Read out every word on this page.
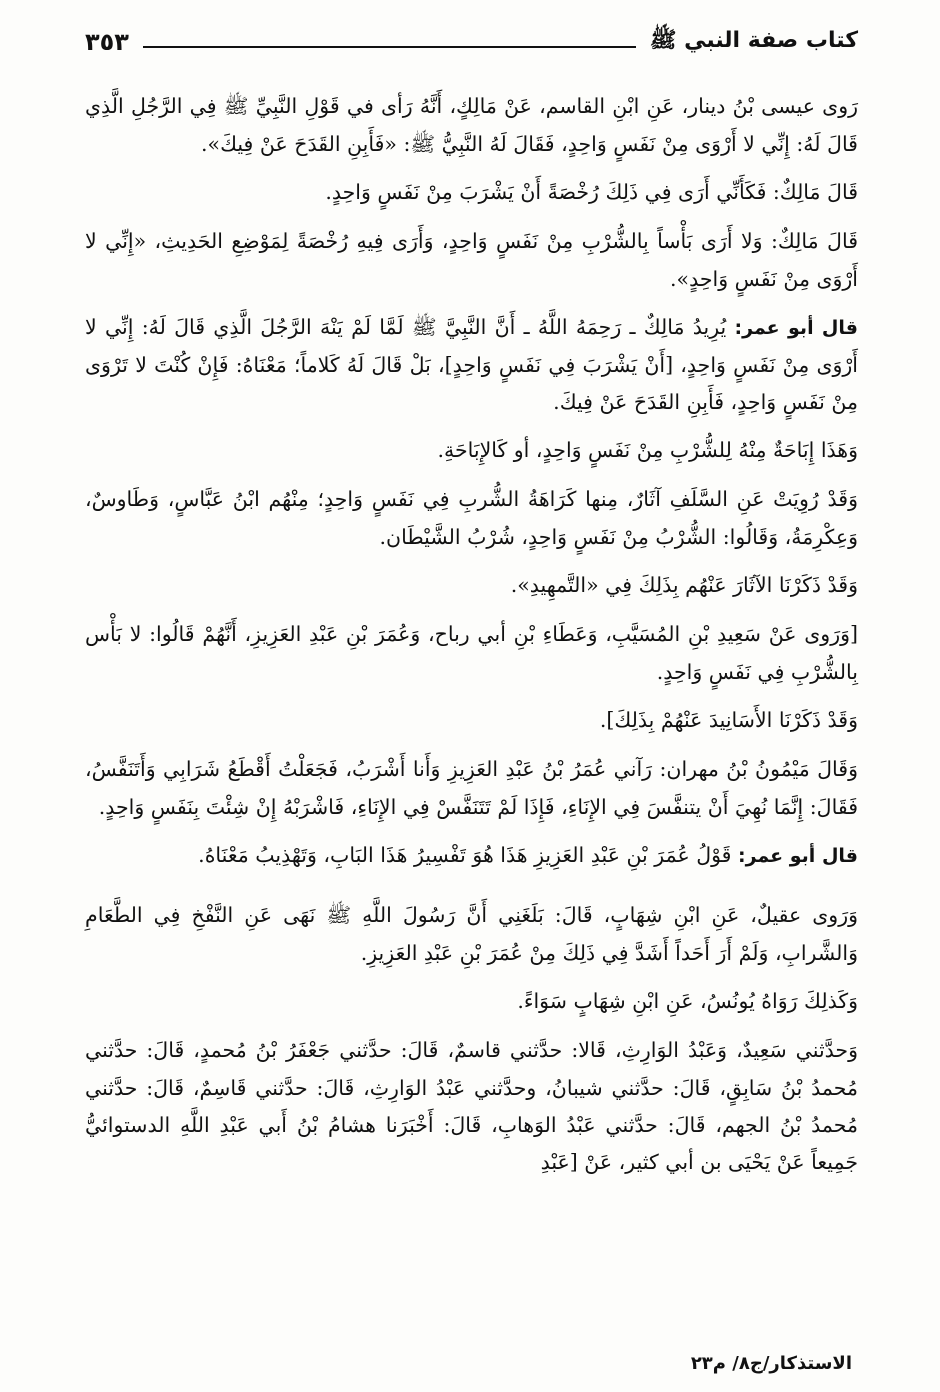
كتاب صفة النبي ﷺ
٣٥٣

رَوى عيسى بْنُ دينار، عَنِ ابْنِ القاسم، عَنْ مَالِكٍ، أَنَّهُ رَأى في قَوْلِ النَّبِيِّ ﷺ فِي الرَّجُلِ الَّذِي قَالَ لَهُ: إِنِّي لا أَرْوَى مِنْ نَفَسٍ وَاحِدٍ، فَقَالَ لَهُ النَّبِيُّ ﷺ: «فَأَبِنِ القَدَحَ عَنْ فِيكَ».

قَالَ مَالِكٌ: فَكَأَنِّي أَرَى فِي ذَلِكَ رُخْصَةً أَنْ يَشْرَبَ مِنْ نَفَسٍ وَاحِدٍ.

قَالَ مَالِكٌ: وَلا أَرَى بَأْساً بِالشُّرْبِ مِنْ نَفَسٍ وَاحِدٍ، وَأَرَى فِيهِ رُخْصَةً لِمَوْضِعِ الحَدِيثِ، «إِنِّي لا أَرْوَى مِنْ نَفَسٍ وَاحِدٍ».

قال أبو عمر: يُرِيدُ مَالِكٌ ـ رَحِمَهُ اللَّهُ ـ أَنَّ النَّبِيَّ ﷺ لَمَّا لَمْ يَنْهَ الرَّجُلَ الَّذِي قَالَ لَهُ: إِنِّي لا أَرْوَى مِنْ نَفَسٍ وَاحِدٍ، [أَنْ يَشْرَبَ فِي نَفَسٍ وَاحِدٍ]، بَلْ قَالَ لَهُ كَلاماً؛ مَعْنَاهُ: فَإِنْ كُنْتَ لا تَرْوَى مِنْ نَفَسٍ وَاحِدٍ، فَأَبِنِ القَدَحَ عَنْ فِيكَ.

وَهَذَا إِبَاحَةٌ مِنْهُ لِلشُّرْبِ مِنْ نَفَسٍ وَاحِدٍ، أو كَالإِبَاحَةِ.

وَقَدْ رُوِيَتْ عَنِ السَّلَفِ آثَارٌ، مِنها كَرَاهَةُ الشُّربِ فِي نَفَسٍ وَاحِدٍ؛ مِنْهُم ابْنُ عَبَّاسٍ، وَطَاوسٌ، وَعِكْرِمَةُ، وَقَالُوا: الشُّرْبُ مِنْ نَفَسٍ وَاحِدٍ، شُرْبُ الشَّيْطَان.

وَقَدْ ذَكَرْنَا الآثَارَ عَنْهُم بِذَلِكَ فِي «التَّمهِيدِ».

[وَرَوى عَنْ سَعِيدِ بْنِ المُسَيَّبِ، وَعَطَاءِ بْنِ أبي رباح، وَعُمَرَ بْنِ عَبْدِ العَزِيزِ، أَنَّهُمْ قَالُوا: لا بَأْس بِالشُّرْبِ فِي نَفَسٍ وَاحِدٍ.

وَقَدْ ذَكَرْنَا الأَسَانِيدَ عَنْهُمْ بِذَلِكَ].

وَقَالَ مَيْمُونُ بْنُ مهران: رَآني عُمَرُ بْنُ عَبْدِ العَزِيزِ وَأَنا أَشْرَبُ، فَجَعَلْتُ أَقْطَعُ شَرَابِي وَأَتَنَفَّسُ، فَقَالَ: إِنَّمَا نُهِيَ أَنْ يتنفَّسَ فِي الإِنَاءِ، فَإِذَا لَمْ تَتَنَفَّسْ فِي الإِنَاءِ، فَاشْرَبْهُ إِنْ شِئْتَ بِنَفَسٍ وَاحِدٍ.

قال أبو عمر: قَوْلُ عُمَرَ بْنِ عَبْدِ العَزِيزِ هَذَا هُوَ تَفْسِيرُ هَذَا البَابِ، وَتَهْذِيبُ مَعْنَاهُ.

وَرَوى عقيلٌ، عَنِ ابْنِ شِهَابٍ، قَالَ: بَلَغَنِي أَنَّ رَسُولَ اللَّهِ ﷺ نَهَى عَنِ النَّفْخِ فِي الطَّعَامِ وَالشَّرابِ، وَلَمْ أَرَ أَحَداً أَشَدَّ فِي ذَلِكَ مِنْ عُمَرَ بْنِ عَبْدِ العَزِيزِ.

وَكَذلِكَ رَوَاهُ يُونُسُ، عَنِ ابْنِ شِهَابٍ سَوَاءً.

وَحدَّثني سَعِيدٌ، وَعَبْدُ الوَارِثِ، قَالا: حدَّثني قاسمٌ، قَالَ: حدَّثني جَعْفَرُ بْنُ مُحمدٍ، قَالَ: حدَّثني مُحمدُ بْنُ سَابِقٍ، قَالَ: حدَّثني شيبانُ، وحدَّثني عَبْدُ الوَارِثِ، قَالَ: حدَّثني قَاسِمٌ، قَالَ: حدَّثني مُحمدُ بْنُ الجهم، قَالَ: حدَّثني عَبْدُ الوَهابِ، قَالَ: أَخْبَرَنا هشامُ بْنُ أَبي عَبْدِ اللَّهِ الدستوائيُّ جَمِيعاً عَنْ يَحْيَى بن أبي كثير، عَنْ [عَبْدِ

الاستذكار/ج٨/ م٢٣
